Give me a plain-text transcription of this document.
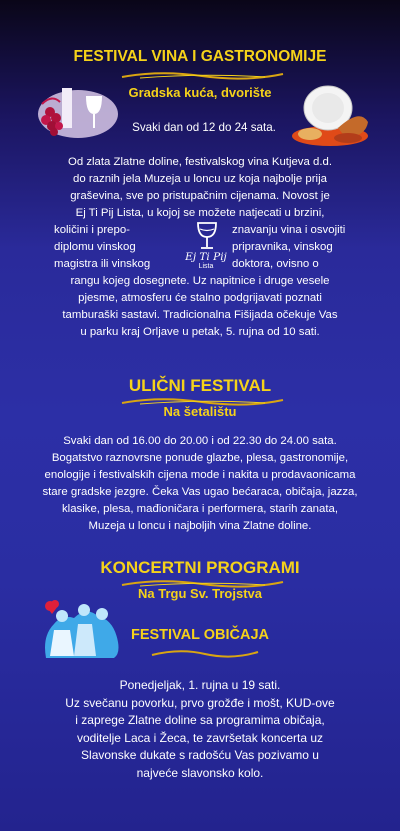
FESTIVAL VINA I GASTRONOMIJE
Gradska kuća, dvorište
Svaki dan od 12 do 24 sata.
Od zlata Zlatne doline, festivalskog vina Kutjeva d.d.
do raznih jela Muzeja u loncu uz koja najbolje prija
graševina, sve po pristupačnim cijenama. Novost je
Ej Ti Pij Lista, u kojoj se možete natjecati u brzini,
količini i prepo-
diplomu vinskog
magistra ili vinskog
znavanju vina i osvojiti
pripravnika, vinskog
doktora, ovisno o
Ej Ti Pij
Lista
rangu kojeg dosegnete. Uz napitnice i druge vesele
pjesme, atmosferu će stalno podgrijavati poznati
tamburaški sastavi. Tradicionalna Fišijada očekuje Vas
u parku kraj Orljave u petak, 5. rujna od 10 sati.
ULIČNI FESTIVAL
Na šetalištu
Svaki dan od 16.00 do 20.00 i od 22.30 do 24.00 sata.
Bogatstvo raznovrsne ponude glazbe, plesa, gastronomije,
enologije i festivalskih cijena mode i nakita u prodavaonicama
stare gradske jezgre. Čeka Vas ugao bećaraca, običaja, jazza,
klasike, plesa, mađioničara i performera, starih zanata,
Muzeja u loncu i najboljih vina Zlatne doline.
KONCERTNI PROGRAMI
Na Trgu Sv. Trojstva
FESTIVAL OBIČAJA
Ponedjeljak, 1. rujna u 19 sati.
Uz svečanu povorku, prvo grožđe i mošt, KUD-ove
i zaprege Zlatne doline sa programima običaja,
voditelje Laca i Žeca, te završetak koncerta uz
Slavonske dukate s radošću Vas pozivamo u
najveće slavonsko kolo.
